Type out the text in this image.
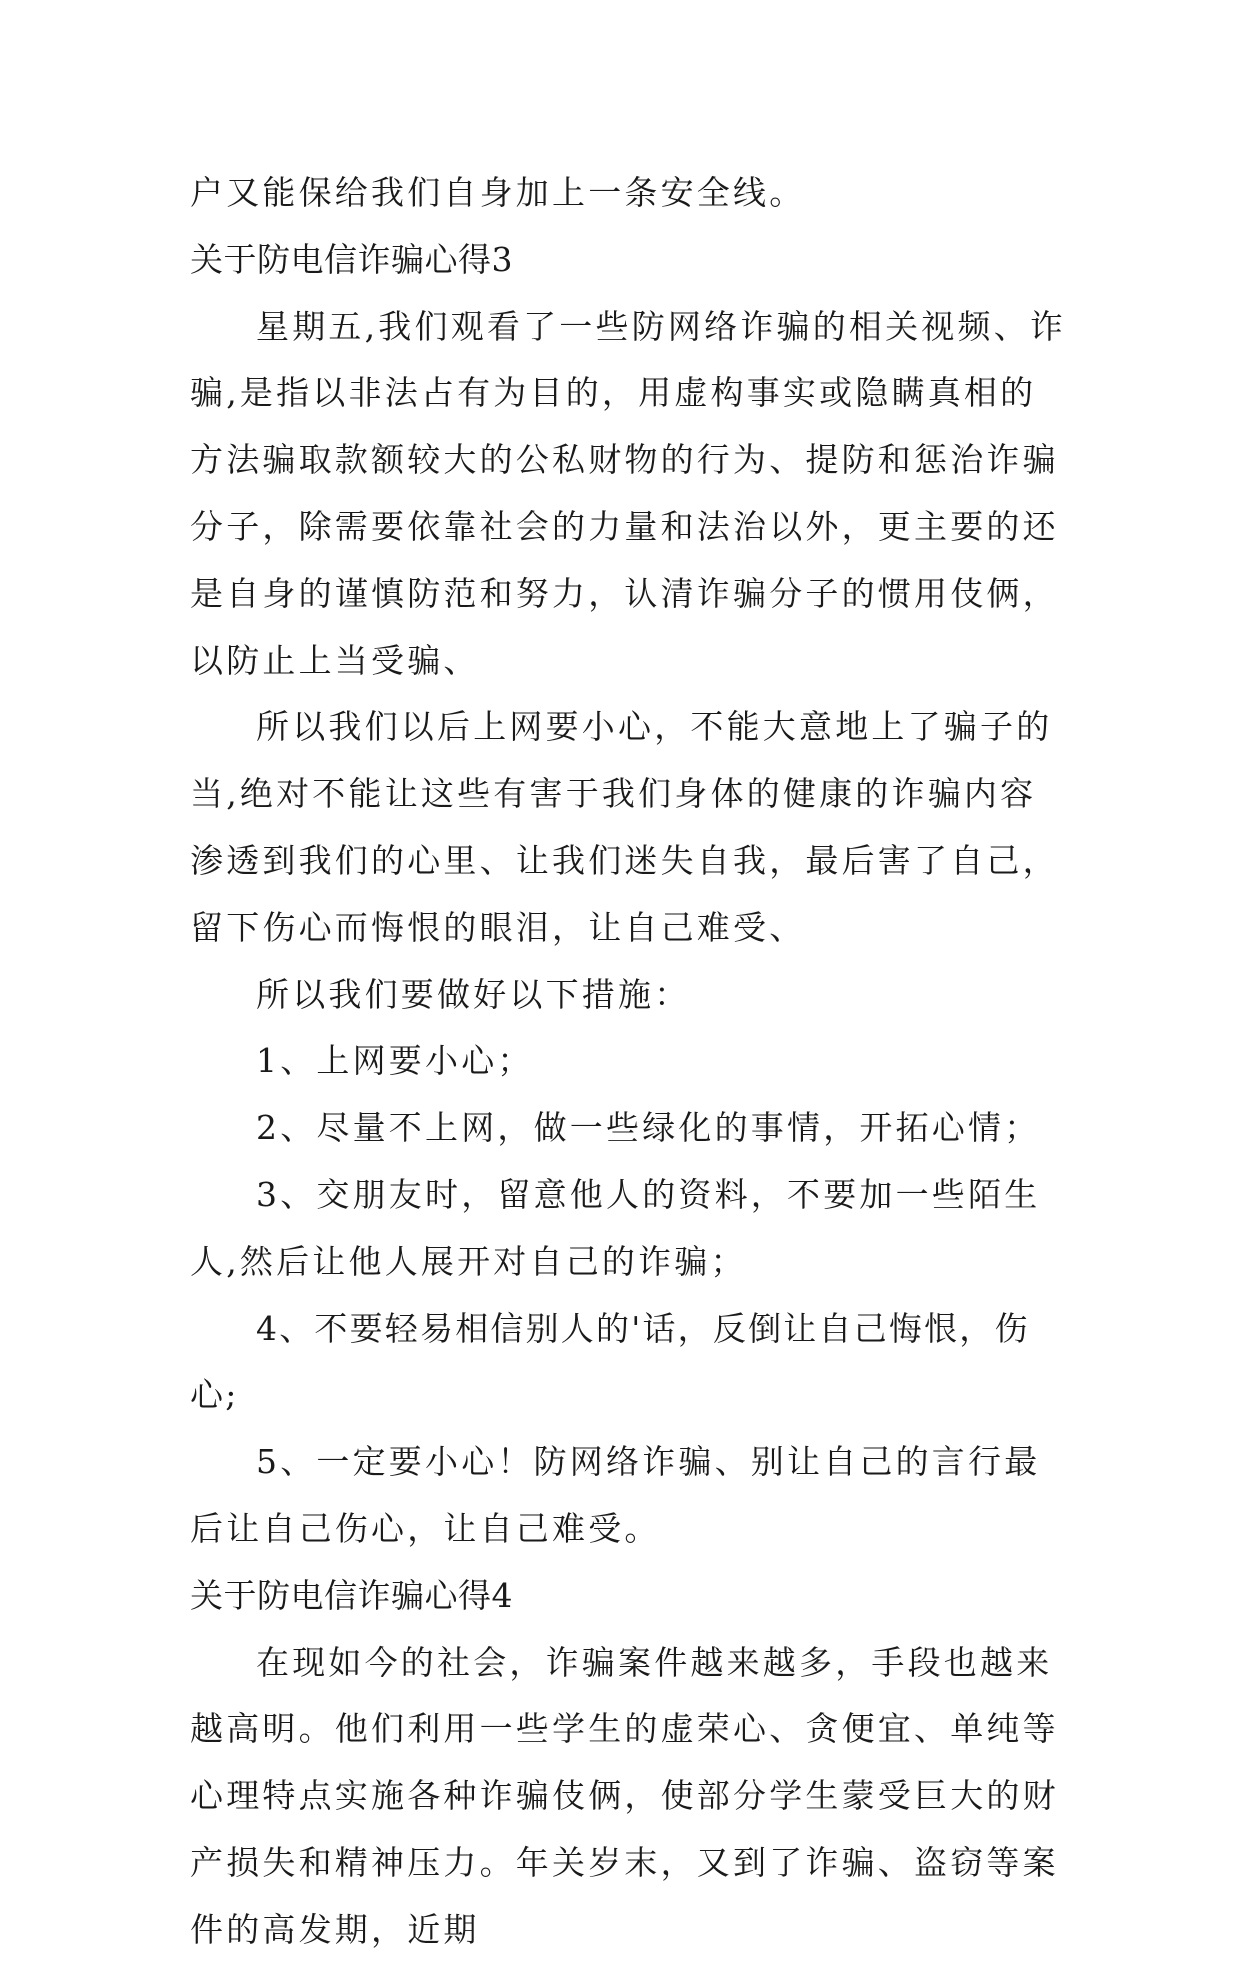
户又能保给我们自身加上一条安全线。

关于防电信诈骗心得3

星期五,我们观看了一些防网络诈骗的相关视频、诈骗,是指以非法占有为目的，用虚构事实或隐瞒真相的方法骗取款额较大的公私财物的行为、提防和惩治诈骗分子，除需要依靠社会的力量和法治以外，更主要的还是自身的谨慎防范和努力，认清诈骗分子的惯用伎俩，以防止上当受骗、

所以我们以后上网要小心，不能大意地上了骗子的当,绝对不能让这些有害于我们身体的健康的诈骗内容渗透到我们的心里、让我们迷失自我，最后害了自己，留下伤心而悔恨的眼泪，让自己难受、

所以我们要做好以下措施：

1、上网要小心；

2、尽量不上网，做一些绿化的事情，开拓心情；

3、交朋友时，留意他人的资料，不要加一些陌生人,然后让他人展开对自己的诈骗；

4、不要轻易相信别人的'话，反倒让自己悔恨，伤心;

5、一定要小心！防网络诈骗、别让自己的言行最后让自己伤心，让自己难受。

关于防电信诈骗心得4

在现如今的社会，诈骗案件越来越多，手段也越来越高明。他们利用一些学生的虚荣心、贪便宜、单纯等心理特点实施各种诈骗伎俩，使部分学生蒙受巨大的财产损失和精神压力。年关岁末，又到了诈骗、盗窃等案件的高发期，近期
